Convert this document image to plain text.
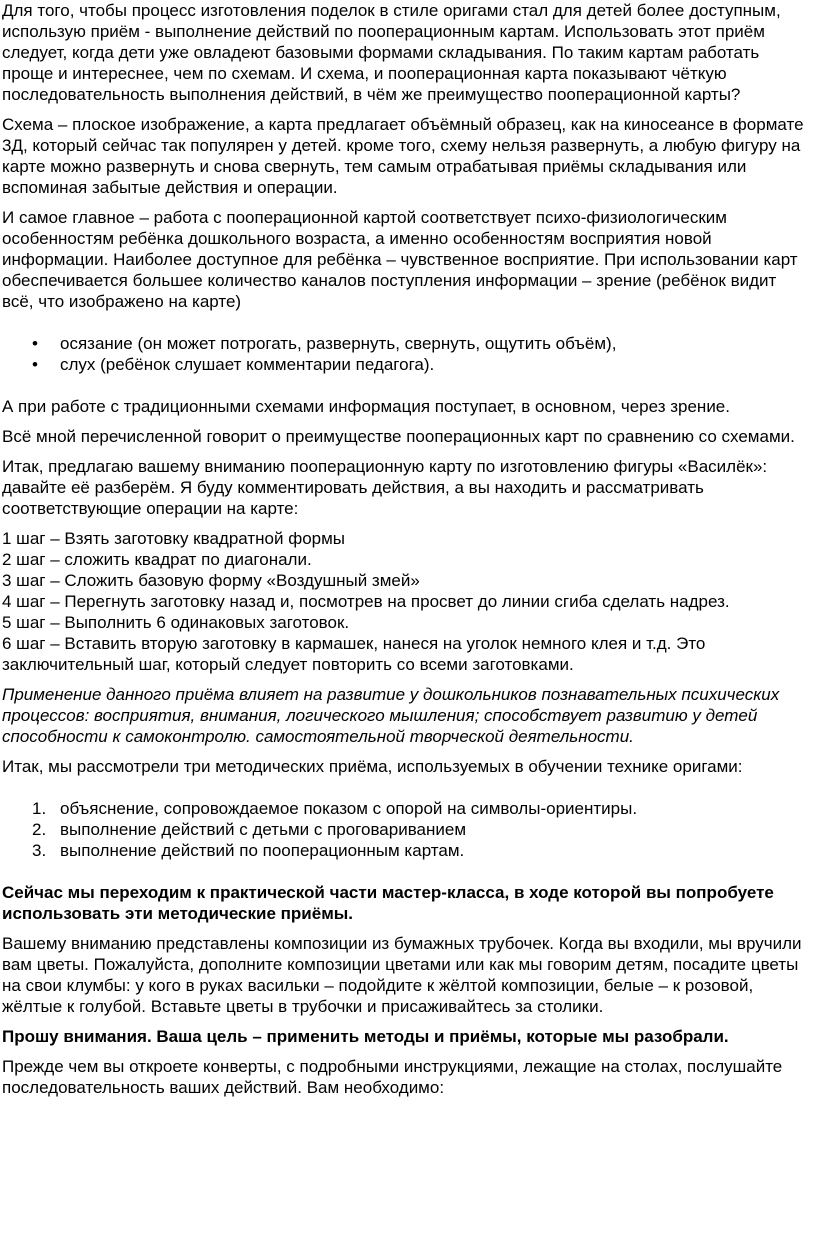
Для того, чтобы процесс изготовления поделок в стиле оригами стал для детей более доступным, использую приём - выполнение действий по пооперационным картам. Использовать этот приём следует, когда дети уже овладеют базовыми формами складывания. По таким картам работать проще и интереснее, чем по схемам. И схема, и пооперационная карта показывают чёткую последовательность выполнения действий, в чём же преимущество пооперационной карты?

Схема – плоское изображение, а карта предлагает объёмный образец, как на киносеансе в формате 3Д, который сейчас так популярен у детей. кроме того, схему нельзя развернуть, а любую фигуру на карте можно развернуть и снова свернуть, тем самым отрабатывая приёмы складывания или вспоминая забытые действия и операции.

И самое главное – работа с пооперационной картой соответствует психо-физиологическим особенностям ребёнка дошкольного возраста, а именно особенностям восприятия новой информации. Наиболее доступное для ребёнка – чувственное восприятие. При использовании карт обеспечивается большее количество каналов поступления информации – зрение (ребёнок видит всё, что изображено на карте)

• осязание (он может потрогать, развернуть, свернуть, ощутить объём),
• слух (ребёнок слушает комментарии педагога).

А при работе с традиционными схемами информация поступает, в основном, через зрение.

Всё мной перечисленной говорит о преимуществе пооперационных карт по сравнению со схемами.

Итак, предлагаю вашему вниманию пооперационную карту по изготовлению фигуры «Василёк»: давайте её разберём. Я буду комментировать действия, а вы находить и рассматривать соответствующие операции на карте:

1 шаг – Взять заготовку квадратной формы

2 шаг – сложить квадрат по диагонали.

3 шаг – Сложить базовую форму «Воздушный змей»

4 шаг – Перегнуть заготовку назад и, посмотрев на просвет до линии сгиба сделать надрез.

5 шаг – Выполнить 6 одинаковых заготовок.

6 шаг – Вставить вторую заготовку в кармашек, нанеся на уголок немного клея и т.д. Это заключительный шаг, который следует повторить со всеми заготовками.

Применение данного приёма влияет на развитие у дошкольников познавательных психических процессов: восприятия, внимания, логического мышления; способствует развитию у детей способности к самоконтролю. самостоятельной творческой деятельности.

Итак, мы рассмотрели три методических приёма, используемых в обучении технике оригами:

1. объяснение, сопровождаемое показом с опорой на символы-ориентиры.
2. выполнение действий с детьми с проговариванием
3. выполнение действий по пооперационным картам.

Сейчас мы переходим к практической части мастер-класса, в ходе которой вы попробуете использовать эти методические приёмы.

Вашему вниманию представлены композиции из бумажных трубочек. Когда вы входили, мы вручили вам цветы. Пожалуйста, дополните композиции цветами или как мы говорим детям, посадите цветы на свои клумбы: у кого в руках васильки – подойдите к жёлтой композиции, белые – к розовой, жёлтые к голубой. Вставьте цветы в трубочки и присаживайтесь за столики.

Прошу внимания. Ваша цель – применить методы и приёмы, которые мы разобрали.

Прежде чем вы откроете конверты, с подробными инструкциями, лежащие на столах, послушайте последовательность ваших действий. Вам необходимо:
